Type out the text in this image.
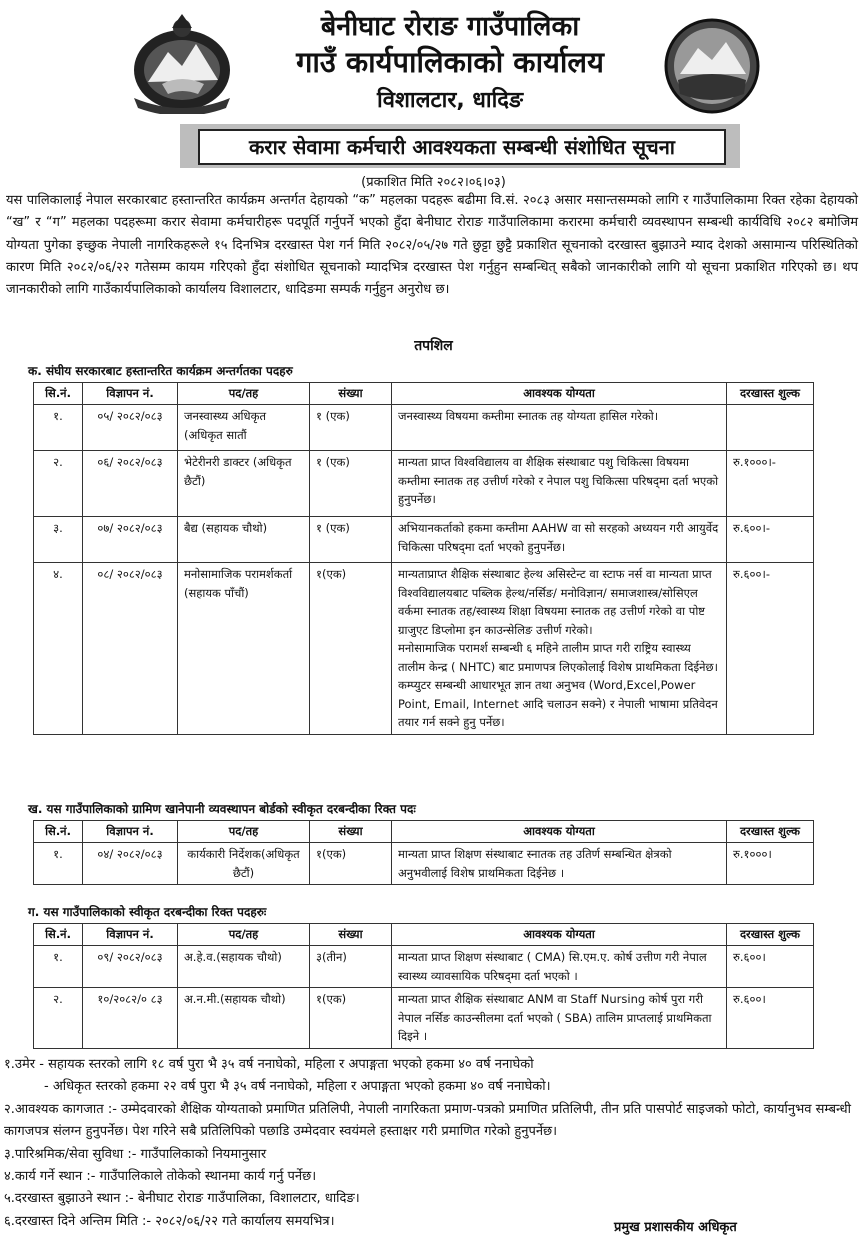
बेनीघाट रोराङ गाउँपालिका
गाउँ कार्यपालिकाको कार्यालय
विशालटार, धादिङ
करार सेवामा कर्मचारी आवश्यकता सम्बन्धी संशोधित सूचना
(प्रकाशित मिति २०८२।०६।०३)
यस पालिकालाई नेपाल सरकारबाट हस्तान्तरित कार्यक्रम अन्तर्गत देहायको “क” महलका पदहरू बढीमा वि.सं. २०८३ असार मसान्तसम्मको लागि र गाउँपालिकामा रिक्त रहेका देहायको “ख” र “ग” महलका पदहरूमा करार सेवामा कर्मचारीहरू पदपूर्ति गर्नुपर्ने भएको हुँदा बेनीघाट रोराङ गाउँपालिकामा करारमा कर्मचारी व्यवस्थापन सम्बन्धी कार्यविधि २०८२ बमोजिम योग्यता पुगेका इच्छुक नेपाली नागरिकहरूले १५ दिनभित्र दरखास्त पेश गर्न मिति २०८२/०५/२७ गते छुट्टा छुट्टै प्रकाशित सूचनाको दरखास्त बुझाउने म्याद देशको असामान्य परिस्थितिको कारण मिति २०८२/०६/२२ गतेसम्म कायम गरिएको हुँदा संशोधित सूचनाको म्यादभित्र दरखास्त पेश गर्नुहुन सम्बन्धित् सबैको जानकारीको लागि यो सूचना प्रकाशित गरिएको छ। थप जानकारीको लागि गाउँकार्यपालिकाको कार्यालय विशालटार, धादिङमा सम्पर्क गर्नुहुन अनुरोध छ।
तपशिल
क. संघीय सरकारबाट हस्तान्तरित कार्यक्रम अन्तर्गतका पदहरु
सि.नं.	विज्ञापन नं.	पद/तह	संख्या	आवश्यक योग्यता	दरखास्त शुल्क
१.	०५/ २०८२/०८३	जनस्वास्थ्य अधिकृत (अधिकृत सातौं	१ (एक)	जनस्वास्थ्य विषयमा कम्तीमा स्नातक तह योग्यता हासिल गरेको।	
२.	०६/ २०८२/०८३	भेटेरीनरी डाक्टर (अधिकृत छैटौं)	१ (एक)	मान्यता प्राप्त विश्वविद्यालय वा शैक्षिक संस्थाबाट पशु चिकित्सा विषयमा कम्तीमा स्नातक तह उत्तीर्ण गरेको र नेपाल पशु चिकित्सा परिषद्‌मा दर्ता भएको हुनुपर्नेछ।	रु.१०००।-
३.	०७/ २०८२/०८३	बैद्य (सहायक चौथो)	१ (एक)	अभियानकर्ताको हकमा कम्तीमा AAHW वा सो सरहको अध्ययन गरी आयुर्वेद चिकित्सा परिषद्‌मा दर्ता भएको हुनुपर्नेछ।	रु.६००।-
४.	०८/ २०८२/०८३	मनोसामाजिक परामर्शकर्ता (सहायक पाँचौं)	१(एक)	मान्यताप्राप्त शैक्षिक संस्थाबाट हेल्थ असिस्टेन्ट वा स्टाफ नर्स वा मान्यता प्राप्त विश्वविद्यालयबाट पब्लिक हेल्थ/नर्सिङ/ मनोविज्ञान/ समाजशास्त्र/सोसिएल वर्कमा स्नातक तह/स्वास्थ्य शिक्षा विषयमा स्नातक तह उत्तीर्ण गरेको वा पोष्ट ग्राजुएट डिप्लोमा इन काउन्सेलिङ उत्तीर्ण गरेको।
मनोसामाजिक परामर्श सम्बन्धी ६ महिने तालीम प्राप्त गरी राष्ट्रिय स्वास्थ्य तालीम केन्द्र ( NHTC) बाट प्रमाणपत्र लिएकोलाई विशेष प्राथमिकता दिईनेछ।
कम्प्युटर सम्बन्धी आधारभूत ज्ञान तथा अनुभव (Word,Excel,Power Point, Email, Internet आदि चलाउन सक्ने) र नेपाली भाषामा प्रतिवेदन तयार गर्न सक्ने हुनु पर्नेछ।	रु.६००।-
ख. यस गाउँपालिकाको ग्रामिण खानेपानी व्यवस्थापन बोर्डको स्वीकृत दरबन्दीका रिक्त पदः
सि.नं.	विज्ञापन नं.	पद/तह	संख्या	आवश्यक योग्यता	दरखास्त शुल्क
१.	०४/ २०८२/०८३	कार्यकारी निर्देशक(अधिकृत छैटौं)	१(एक)	मान्यता प्राप्त शिक्षण संस्थाबाट स्नातक तह उतिर्ण सम्बन्धित क्षेत्रको अनुभवीलाई विशेष प्राथमिकता दिईनेछ ।	रु.१०००।
ग. यस गाउँपालिकाको स्वीकृत दरबन्दीका रिक्त पदहरुः
सि.नं.	विज्ञापन नं.	पद/तह	संख्या	आवश्यक योग्यता	दरखास्त शुल्क
१.	०९/ २०८२/०८३	अ.हे.व.(सहायक चौथो)	३(तीन)	मान्यता प्राप्त शिक्षण संस्थाबाट ( CMA) सि.एम.ए. कोर्ष उत्तीण गरी नेपाल स्वास्थ्य व्यावसायिक परिषद्‌मा दर्ता भएको ।	रु.६००।
२.	१०/२०८२/० ८३	अ.न.मी.(सहायक चौथो)	१(एक)	मान्यता प्राप्त शैक्षिक संस्थाबाट ANM वा Staff Nursing कोर्ष पुरा गरी नेपाल नर्सिङ काउन्सीलमा दर्ता भएको ( SBA) तालिम प्राप्तलाई प्राथमिकता दिइने ।	रु.६००।
१.उमेर - सहायक स्तरको लागि १८ वर्ष पुरा भै ३५ वर्ष ननाघेको, महिला र अपाङ्गता भएको हकमा ४० वर्ष ननाघेको
- अधिकृत स्तरको हकमा २२ वर्ष पुरा भै ३५ वर्ष ननाघेको, महिला र अपाङ्गता भएको हकमा ४० वर्ष ननाघेको।
२.आवश्यक कागजात :- उम्मेदवारको शैक्षिक योग्यताको प्रमाणित प्रतिलिपी, नेपाली नागरिकता प्रमाण-पत्रको प्रमाणित प्रतिलिपी, तीन प्रति पासपोर्ट साइजको फोटो, कार्यानुभव सम्बन्धी कागजपत्र संलग्न हुनुपर्नेछ। पेश गरिने सबै प्रतिलिपिको पछाडि उम्मेदवार स्वयंमले हस्ताक्षर गरी प्रमाणित गरेको हुनुपर्नेछ।
३.पारिश्रमिक/सेवा सुविधा :- गाउँपालिकाको नियमानुसार
४.कार्य गर्ने स्थान :- गाउँपालिकाले तोकेको स्थानमा कार्य गर्नु पर्नेछ।
५.दरखास्त बुझाउने स्थान :- बेनीघाट रोराङ गाउँपालिका, विशालटार, धादिङ।
६.दरखास्त दिने अन्तिम मिति :- २०८२/०६/२२ गते कार्यालय समयभित्र।	प्रमुख प्रशासकीय अधिकृत
